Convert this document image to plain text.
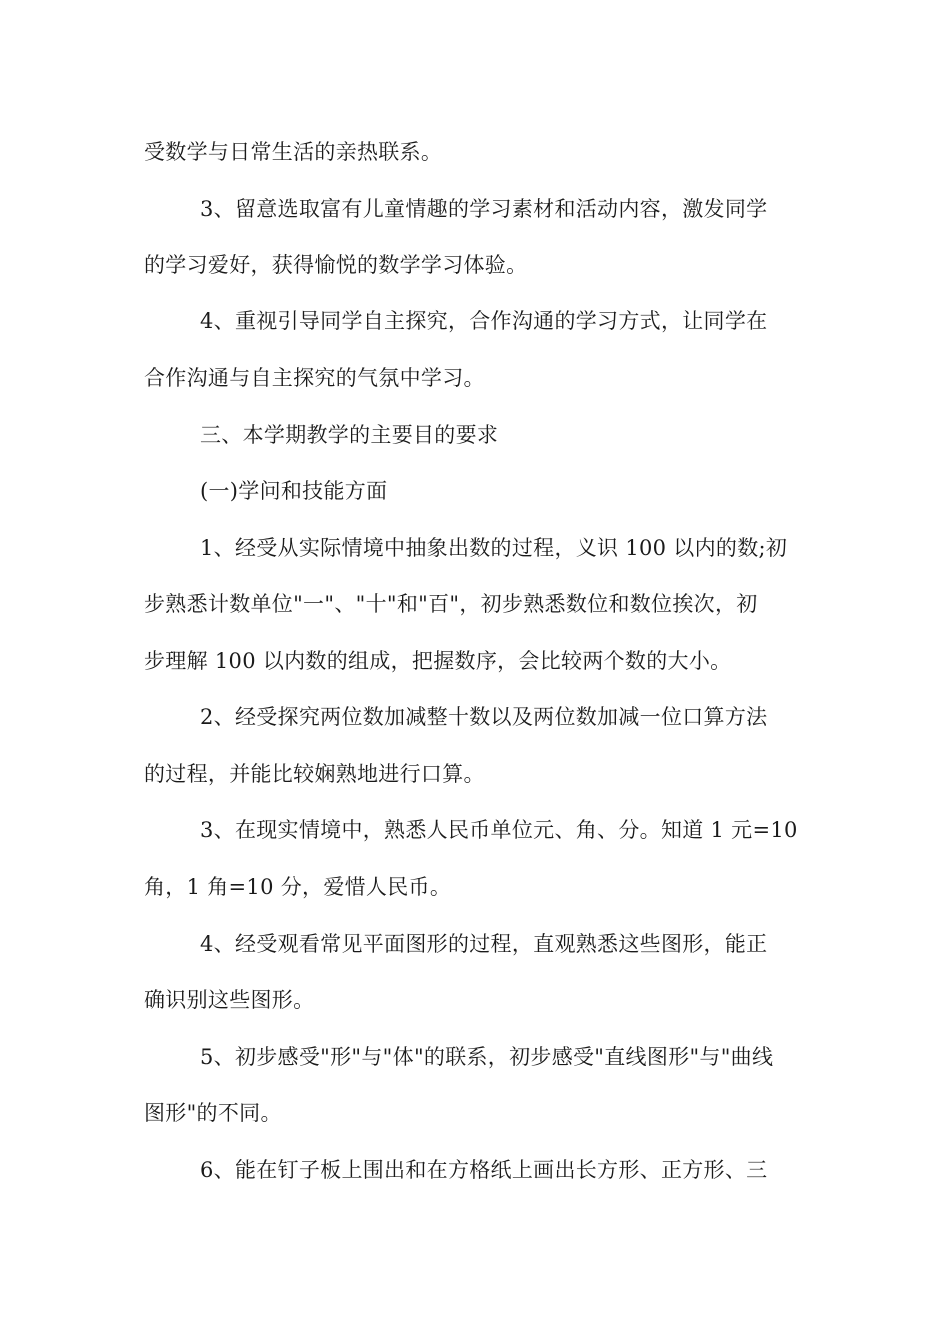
受数学与日常生活的亲热联系。
3、留意选取富有儿童情趣的学习素材和活动内容，激发同学
的学习爱好，获得愉悦的数学学习体验。
4、重视引导同学自主探究，合作沟通的学习方式，让同学在
合作沟通与自主探究的气氛中学习。
三、本学期教学的主要目的要求
(一)学问和技能方面
1、经受从实际情境中抽象出数的过程，义识 100 以内的数;初
步熟悉计数单位"一"、"十"和"百"，初步熟悉数位和数位挨次，初
步理解 100 以内数的组成，把握数序，会比较两个数的大小。
2、经受探究两位数加减整十数以及两位数加减一位口算方法
的过程，并能比较娴熟地进行口算。
3、在现实情境中，熟悉人民币单位元、角、分。知道 1 元=10
角，1 角=10 分，爱惜人民币。
4、经受观看常见平面图形的过程，直观熟悉这些图形，能正
确识别这些图形。
5、初步感受"形"与"体"的联系，初步感受"直线图形"与"曲线
图形"的不同。
6、能在钉子板上围出和在方格纸上画出长方形、正方形、三
